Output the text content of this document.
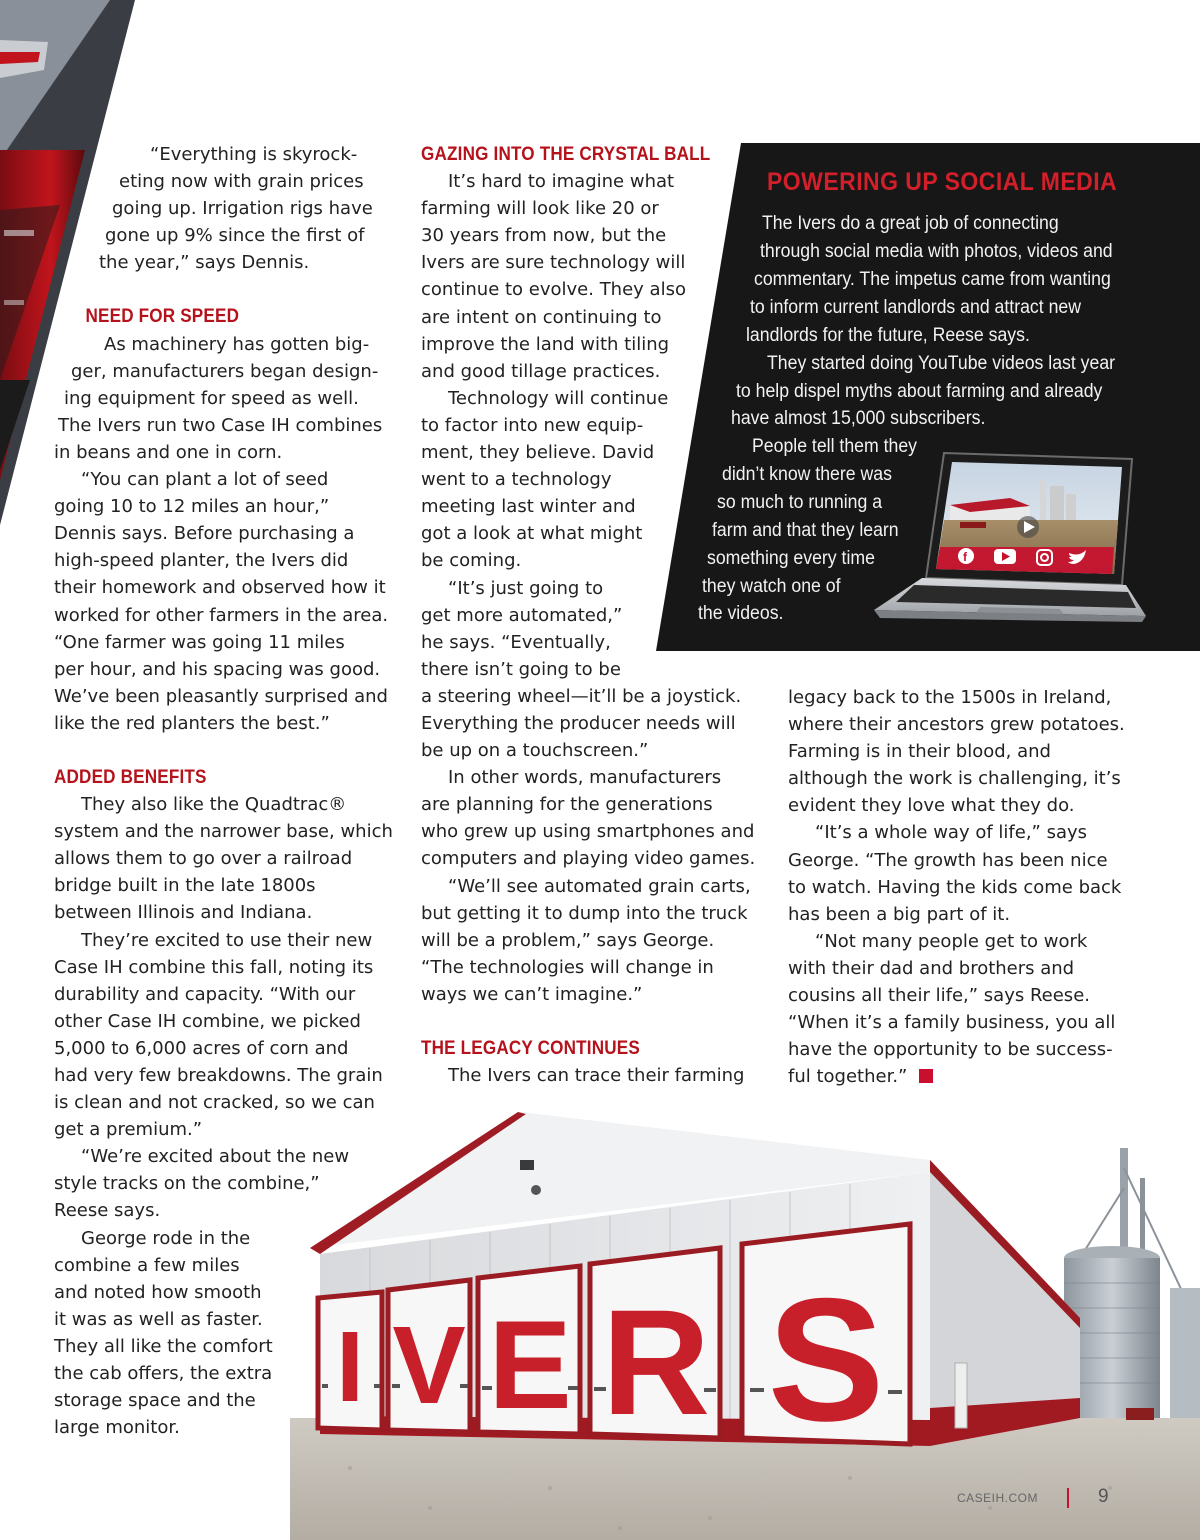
“Everything is skyrock-
eting now with grain prices
going up. Irrigation rigs have
gone up 9% since the first of
the year,” says Dennis.
NEED FOR SPEED
As machinery has gotten big-
ger, manufacturers began design-
ing equipment for speed as well.
The Ivers run two Case IH combines
in beans and one in corn.
“You can plant a lot of seed
going 10 to 12 miles an hour,”
Dennis says. Before purchasing a
high-speed planter, the Ivers did
their homework and observed how it
worked for other farmers in the area.
“One farmer was going 11 miles
per hour, and his spacing was good.
We’ve been pleasantly surprised and
like the red planters the best.”
ADDED BENEFITS
They also like the Quadtrac®
system and the narrower base, which
allows them to go over a railroad
bridge built in the late 1800s
between Illinois and Indiana.
They’re excited to use their new
Case IH combine this fall, noting its
durability and capacity. “With our
other Case IH combine, we picked
5,000 to 6,000 acres of corn and
had very few breakdowns. The grain
is clean and not cracked, so we can
get a premium.”
“We’re excited about the new
style tracks on the combine,”
Reese says.
George rode in the
combine a few miles
and noted how smooth
it was as well as faster.
They all like the comfort
the cab offers, the extra
storage space and the
large monitor.
GAZING INTO THE CRYSTAL BALL
It’s hard to imagine what
farming will look like 20 or
30 years from now, but the
Ivers are sure technology will
continue to evolve. They also
are intent on continuing to
improve the land with tiling
and good tillage practices.
Technology will continue
to factor into new equip-
ment, they believe. David
went to a technology
meeting last winter and
got a look at what might
be coming.
“It’s just going to
get more automated,”
he says. “Eventually,
there isn’t going to be
a steering wheel—it’ll be a joystick.
Everything the producer needs will
be up on a touchscreen.”
In other words, manufacturers
are planning for the generations
who grew up using smartphones and
computers and playing video games.
“We’ll see automated grain carts,
but getting it to dump into the truck
will be a problem,” says George.
“The technologies will change in
ways we can’t imagine.”
THE LEGACY CONTINUES
The Ivers can trace their farming
legacy back to the 1500s in Ireland,
where their ancestors grew potatoes.
Farming is in their blood, and
although the work is challenging, it’s
evident they love what they do.
“It’s a whole way of life,” says
George. “The growth has been nice
to watch. Having the kids come back
has been a big part of it.
“Not many people get to work
with their dad and brothers and
cousins all their life,” says Reese.
“When it’s a family business, you all
have the opportunity to be success-
ful together.”
POWERING UP SOCIAL MEDIA
The Ivers do a great job of connecting
through social media with photos, videos and
commentary. The impetus came from wanting
to inform current landlords and attract new
landlords for the future, Reese says.
They started doing YouTube videos last year
to help dispel myths about farming and already
have almost 15,000 subscribers.
People tell them they
didn’t know there was
so much to running a
farm and that they learn
something every time
they watch one of
the videos.
f
I V E R S
CASEIH.COM	9
